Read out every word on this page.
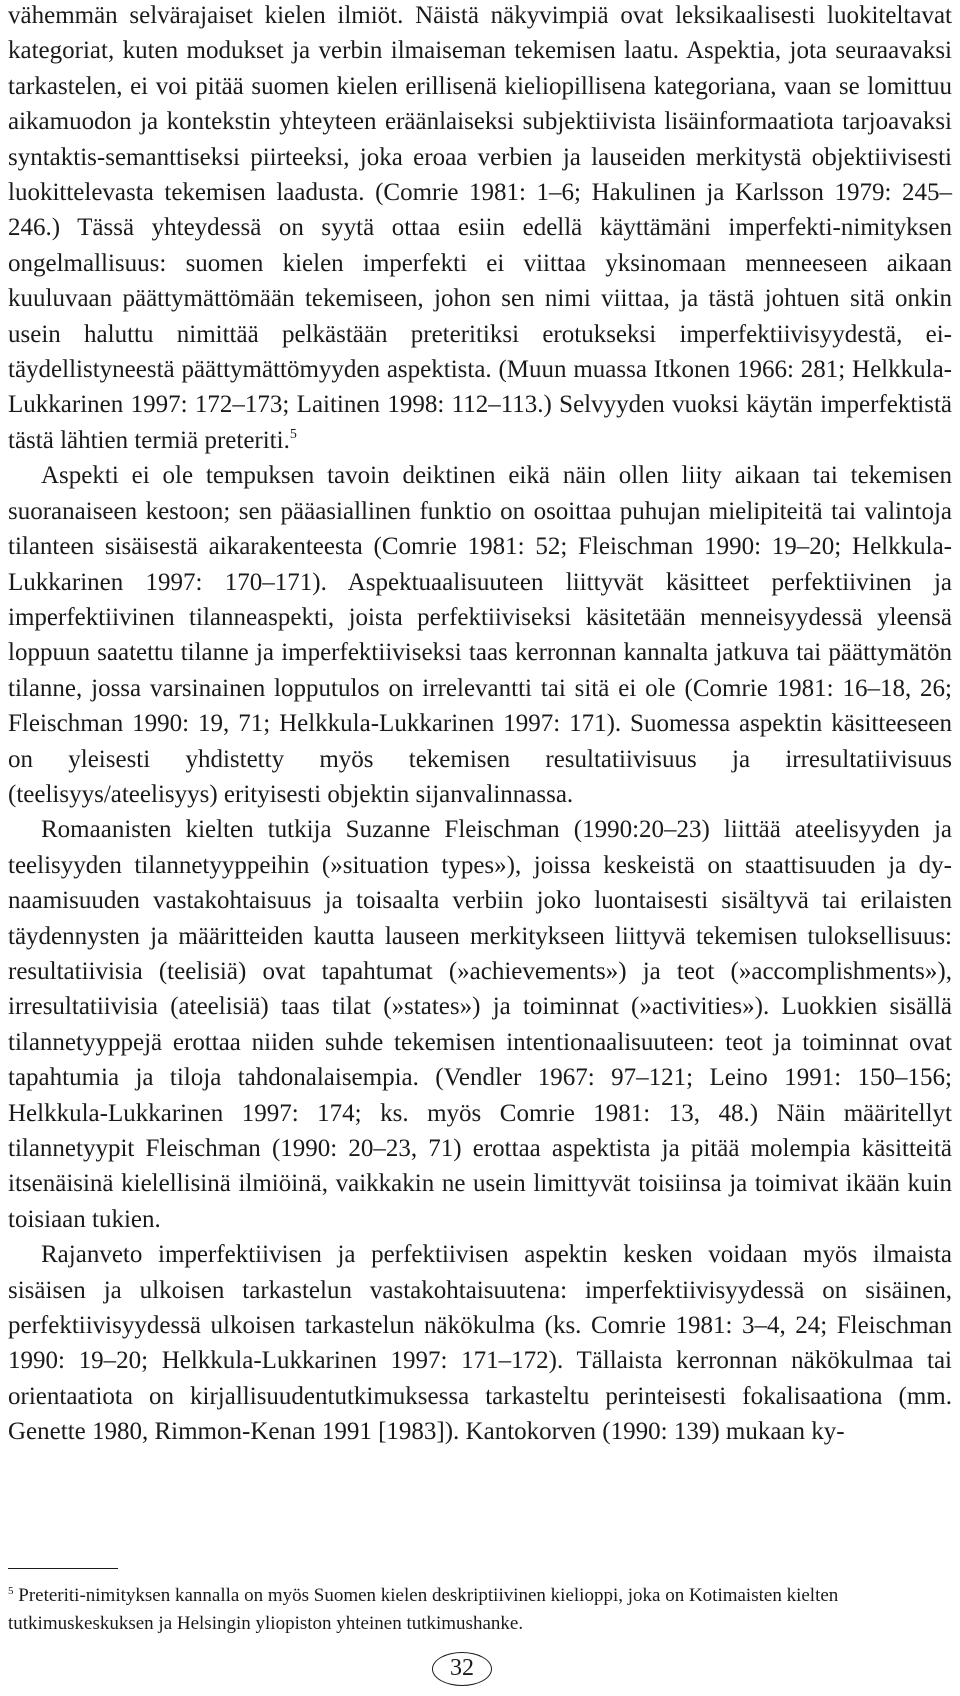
vähemmän selvärajaiset kielen ilmiöt. Näistä näkyvimpiä ovat leksikaalisesti luokiteltavat kategoriat, kuten modukset ja verbin ilmaiseman tekemisen laatu. Aspektia, jota seuraavaksi tarkastelen, ei voi pitää suomen kielen erillisenä kieliopillisena kategoriana, vaan se lomittuu aikamuodon ja kontekstin yhteyteen eräänlaiseksi subjektiivista lisäinformaatiota tarjoavaksi syntaktis-semanttiseksi piirteeksi, joka eroaa verbien ja lauseiden merkitystä objektiivisesti luokittelevasta tekemisen laadusta. (Comrie 1981: 1–6; Hakulinen ja Karlsson 1979: 245–246.) Tässä yhteydessä on syytä ottaa esiin edellä käyttämäni imperfekti-nimityksen ongelmallisuus: suomen kielen imperfekti ei viittaa yksinomaan menneeseen aikaan kuuluvaan päättymättömään tekemiseen, johon sen nimi viittaa, ja tästä johtuen sitä onkin usein haluttu nimittää pelkästään preteritiksi erotukseksi imperfektiivisyydestä, ei-täydellistyneestä päättymättömyyden aspektista. (Muun muassa Itkonen 1966: 281; Helkkula-Lukkarinen 1997: 172–173; Laitinen 1998: 112–113.) Selvyyden vuoksi käytän imperfektistä tästä lähtien termiä preteriti.$^5$

Aspekti ei ole tempuksen tavoin deiktinen eikä näin ollen liity aikaan tai tekemisen suoranaiseen kestoon; sen pääasiallinen funktio on osoittaa puhujan mielipiteitä tai valintoja tilanteen sisäisestä aikarakenteesta (Comrie 1981: 52; Fleischman 1990: 19–20; Helkkula-Lukkarinen 1997: 170–171). Aspektuaalisuuteen liittyvät käsitteet perfektiivinen ja imperfektiivinen tilanneaspekti, joista perfektiiviseksi käsitetään menneisyydessä yleensä loppuun saatettu tilanne ja imperfektiiviseksi taas kerronnan kannalta jatkuva tai päättymätön tilanne, jossa varsinainen lopputulos on irrelevantti tai sitä ei ole (Comrie 1981: 16–18, 26; Fleischman 1990: 19, 71; Helkkula-Lukkarinen 1997: 171). Suomessa aspektin käsitteeseen on yleisesti yhdistetty myös tekemisen resultatiivisuus ja irresultatiivisuus (teelisyys/ateelisyys) erityisesti objektin sijanvalinnassa.

Romaanisten kielten tutkija Suzanne Fleischman (1990:20–23) liittää ateelisyyden ja teelisyyden tilannetyyppeihin (»situation types»), joissa keskeistä on staattisuuden ja dynaamisuuden vastakohtaisuus ja toisaalta verbiin joko luontaisesti sisältyvä tai erilaisten täydennysten ja määritteiden kautta lauseen merkitykseen liittyvä tekemisen tuloksellisuus: resultatiivisia (teelisiä) ovat tapahtumat (»achievements») ja teot (»accomplishments»), irresultatiivisia (ateelisiä) taas tilat (»states») ja toiminnat (»activities»). Luokkien sisällä tilannetyyppejä erottaa niiden suhde tekemisen intentionaalisuuteen: teot ja toiminnat ovat tapahtumia ja tiloja tahdonalaisempia. (Vendler 1967: 97–121; Leino 1991: 150–156; Helkkula-Lukkarinen 1997: 174; ks. myös Comrie 1981: 13, 48.) Näin määritellyt tilannetyypit Fleischman (1990: 20–23, 71) erottaa aspektista ja pitää molempia käsitteitä itsenäisinä kielellisinä ilmiöinä, vaikkakin ne usein limittyvät toisiinsa ja toimivat ikään kuin toisiaan tukien.

Rajanveto imperfektiivisen ja perfektiivisen aspektin kesken voidaan myös ilmaista sisäisen ja ulkoisen tarkastelun vastakohtaisuutena: imperfektiivisyydessä on sisäinen, perfektiivisyydessä ulkoisen tarkastelun näkökulma (ks. Comrie 1981: 3–4, 24; Fleischman 1990: 19–20; Helkkula-Lukkarinen 1997: 171–172). Tällaista kerronnan näkökulmaa tai orientaatiota on kirjallisuudentutkimuksessa tarkasteltu perinteisesti fokalisaationa (mm. Genette 1980, Rimmon-Kenan 1991 [1983]). Kantokorven (1990: 139) mukaan ky-

$^5$ Preteriti-nimityksen kannalla on myös Suomen kielen deskriptiivinen kielioppi, joka on Kotimaisten kielten tutkimuskeskuksen ja Helsingin yliopiston yhteinen tutkimushanke.

32
